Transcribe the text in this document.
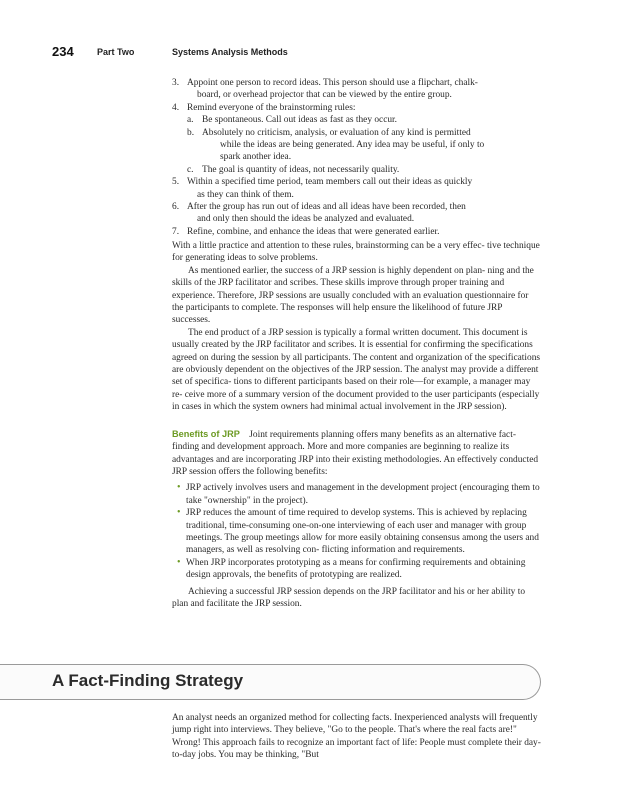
234	Part Two	Systems Analysis Methods
3. Appoint one person to record ideas. This person should use a flipchart, chalk-
board, or overhead projector that can be viewed by the entire group.
4. Remind everyone of the brainstorming rules:
a. Be spontaneous. Call out ideas as fast as they occur.
b. Absolutely no criticism, analysis, or evaluation of any kind is permitted
while the ideas are being generated. Any idea may be useful, if only to
spark another idea.
c. The goal is quantity of ideas, not necessarily quality.
5. Within a specified time period, team members call out their ideas as quickly
as they can think of them.
6. After the group has run out of ideas and all ideas have been recorded, then
and only then should the ideas be analyzed and evaluated.
7. Refine, combine, and enhance the ideas that were generated earlier.

With a little practice and attention to these rules, brainstorming can be a very effec- tive technique for generating ideas to solve problems.

As mentioned earlier, the success of a JRP session is highly dependent on plan- ning and the skills of the JRP facilitator and scribes. These skills improve through proper training and experience. Therefore, JRP sessions are usually concluded with an evaluation questionnaire for the participants to complete. The responses will help ensure the likelihood of future JRP successes.

The end product of a JRP session is typically a formal written document. This document is usually created by the JRP facilitator and scribes. It is essential for confirming the specifications agreed on during the session by all participants. The content and organization of the specifications are obviously dependent on the objectives of the JRP session. The analyst may provide a different set of specifica- tions to different participants based on their role—for example, a manager may re- ceive more of a summary version of the document provided to the user participants (especially in cases in which the system owners had minimal actual involvement in the JRP session).

Benefits of JRP Joint requirements planning offers many benefits as an alternative fact-finding and development approach. More and more companies are beginning to realize its advantages and are incorporating JRP into their existing methodologies. An effectively conducted JRP session offers the following benefits:

• JRP actively involves users and management in the development project (encouraging them to take "ownership" in the project).
• JRP reduces the amount of time required to develop systems. This is achieved by replacing traditional, time-consuming one-on-one interviewing of each user and manager with group meetings. The group meetings allow for more easily obtaining consensus among the users and managers, as well as resolving con- flicting information and requirements.
• When JRP incorporates prototyping as a means for confirming requirements and obtaining design approvals, the benefits of prototyping are realized.

Achieving a successful JRP session depends on the JRP facilitator and his or her ability to plan and facilitate the JRP session.

A Fact-Finding Strategy

An analyst needs an organized method for collecting facts. Inexperienced analysts will frequently jump right into interviews. They believe, "Go to the people. That's where the real facts are!" Wrong! This approach fails to recognize an important fact of life: People must complete their day-to-day jobs. You may be thinking, "But
